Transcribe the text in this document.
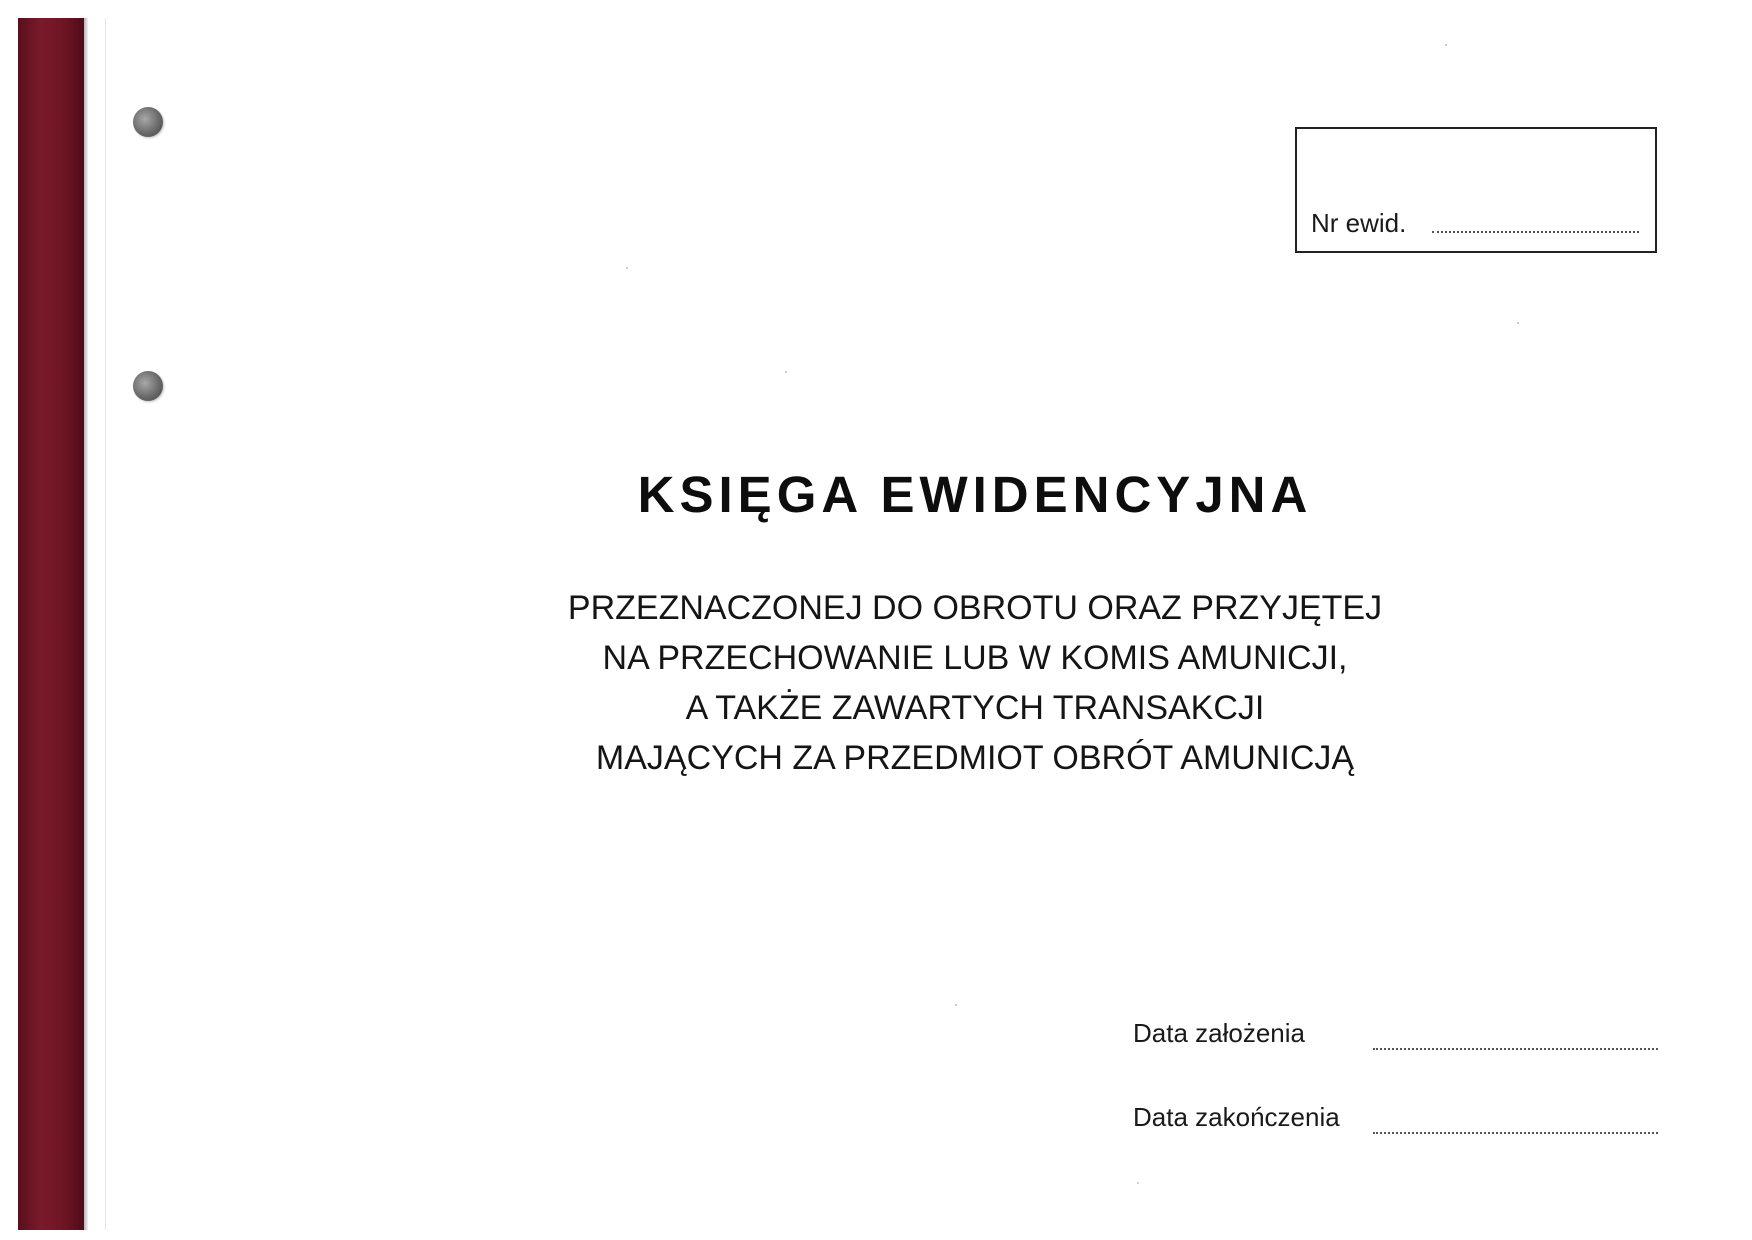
Nr ewid.
KSIĘGA EWIDENCYJNA
PRZEZNACZONEJ DO OBROTU ORAZ PRZYJĘTEJ
NA PRZECHOWANIE LUB W KOMIS AMUNICJI,
A TAKŻE ZAWARTYCH TRANSAKCJI
MAJĄCYCH ZA PRZEDMIOT OBRÓT AMUNICJĄ
Data założenia
Data zakończenia
